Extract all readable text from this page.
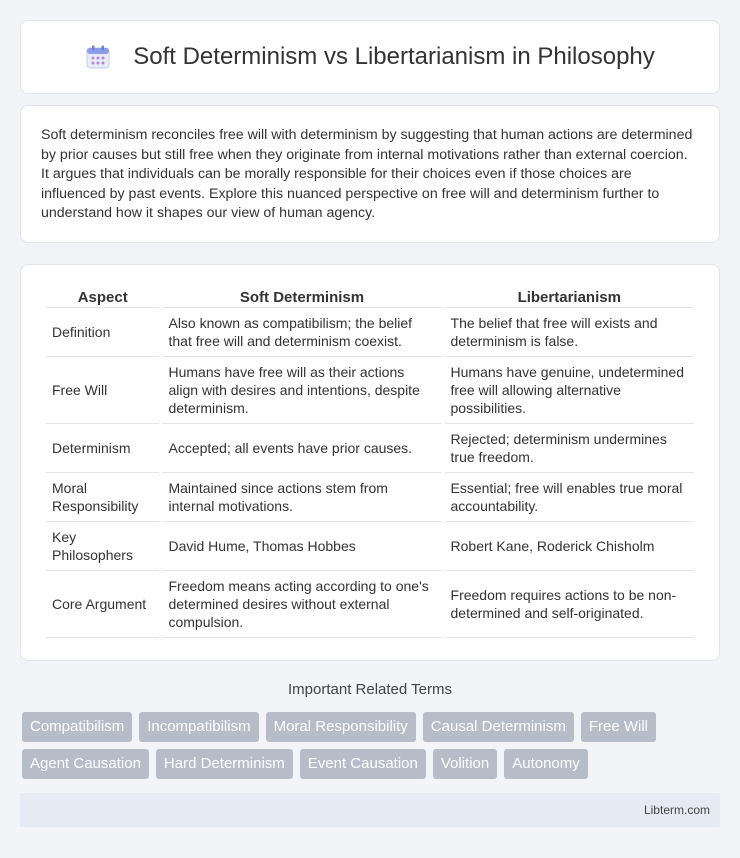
Soft Determinism vs Libertarianism in Philosophy

Soft determinism reconciles free will with determinism by suggesting that human actions are determined by prior causes but still free when they originate from internal motivations rather than external coercion. It argues that individuals can be morally responsible for their choices even if those choices are influenced by past events. Explore this nuanced perspective on free will and determinism further to understand how it shapes our view of human agency.

Aspect	Soft Determinism	Libertarianism
Definition	Also known as compatibilism; the belief that free will and determinism coexist.	The belief that free will exists and determinism is false.
Free Will	Humans have free will as their actions align with desires and intentions, despite determinism.	Humans have genuine, undetermined free will allowing alternative possibilities.
Determinism	Accepted; all events have prior causes.	Rejected; determinism undermines true freedom.
Moral Responsibility	Maintained since actions stem from internal motivations.	Essential; free will enables true moral accountability.
Key Philosophers	David Hume, Thomas Hobbes	Robert Kane, Roderick Chisholm
Core Argument	Freedom means acting according to one's determined desires without external compulsion.	Freedom requires actions to be non-determined and self-originated.
Important Related Terms
Compatibilism	Incompatibilism	Moral Responsibility	Causal Determinism	Free Will
Agent Causation	Hard Determinism	Event Causation	Volition	Autonomy
Libterm.com
